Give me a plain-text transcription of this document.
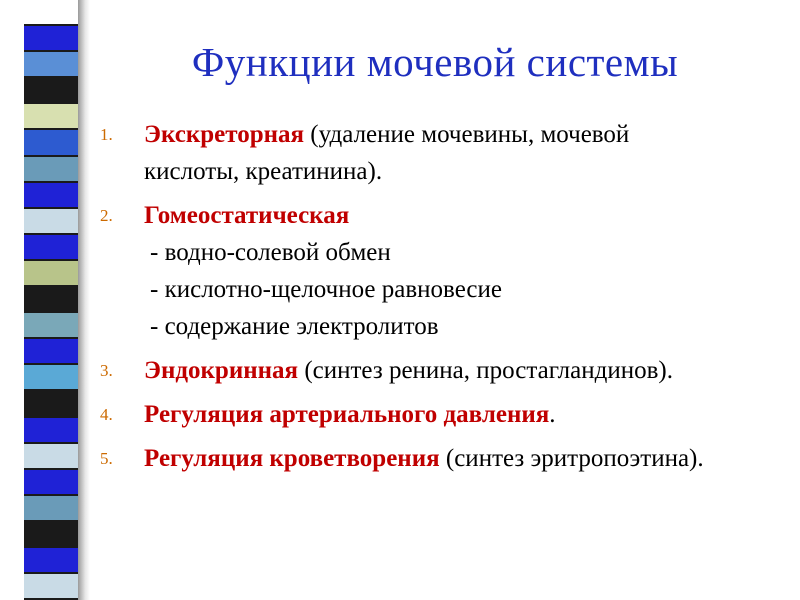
Функции мочевой системы
1.	Экскреторная (удаление мочевины, мочевой кислоты, креатинина).
2.	Гомеостатическая
- водно-солевой обмен
- кислотно-щелочное равновесие
- содержание электролитов
3.	Эндокринная (синтез ренина, простагландинов).
4.	Регуляция артериального давления.
5.	Регуляция кроветворения (синтез эритропоэтина).
